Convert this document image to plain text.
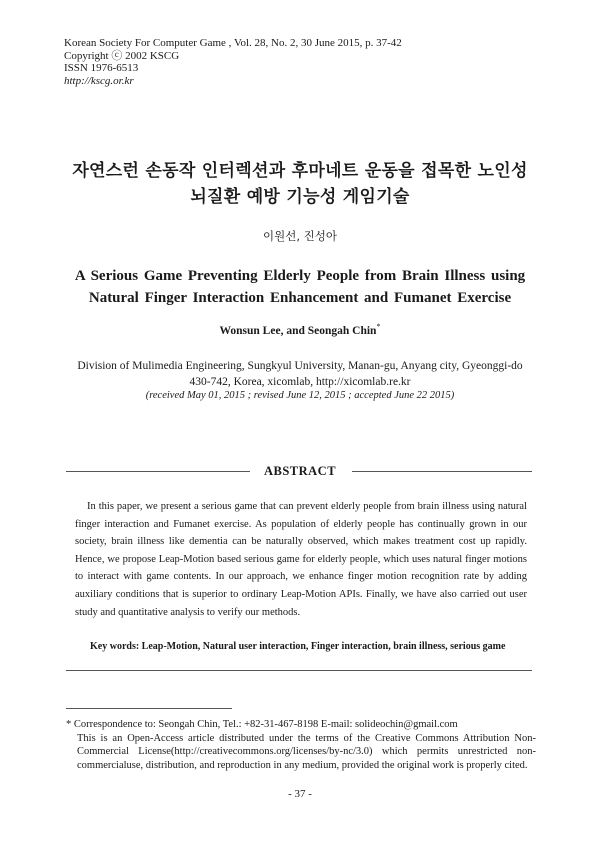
Korean Society For Computer Game , Vol. 28, No. 2, 30 June 2015, p. 37-42
Copyright ⓒ 2002 KSCG
ISSN 1976-6513
http://kscg.or.kr
자연스런 손동작 인터렉션과 후마네트 운동을 접목한 노인성
뇌질환 예방 기능성 게임기술
이원선, 진성아
A Serious Game Preventing Elderly People from Brain Illness using
Natural Finger Interaction Enhancement and Fumanet Exercise
Wonsun Lee, and Seongah Chin*
Division of Mulimedia Engineering, Sungkyul University, Manan-gu, Anyang city, Gyeonggi-do
430-742, Korea, xicomlab, http://xicomlab.re.kr
(received May 01, 2015 ; revised June 12, 2015 ; accepted June 22 2015)
ABSTRACT

In this paper, we present a serious game that can prevent elderly people from brain illness using natural finger interaction and Fumanet exercise. As population of elderly people has continually grown in our society, brain illness like dementia can be naturally observed, which makes treatment cost up rapidly. Hence, we propose Leap-Motion based serious game for elderly people, which uses natural finger motions to interact with game contents. In our approach, we enhance finger motion recognition rate by adding auxiliary conditions that is superior to ordinary Leap-Motion APIs. Finally, we have also carried out user study and quantitative analysis to verify our methods.

Key words: Leap-Motion, Natural user interaction, Finger interaction, brain illness, serious game
* Correspondence to: Seongah Chin, Tel.: +82-31-467-8198 E-mail: solideochin@gmail.com
This is an Open-Access article distributed under the terms of the Creative Commons Attribution Non-Commercial License(http://creativecommons.org/licenses/by-nc/3.0) which permits unrestricted non-commercialuse, distribution, and reproduction in any medium, provided the original work is properly cited.
- 37 -
